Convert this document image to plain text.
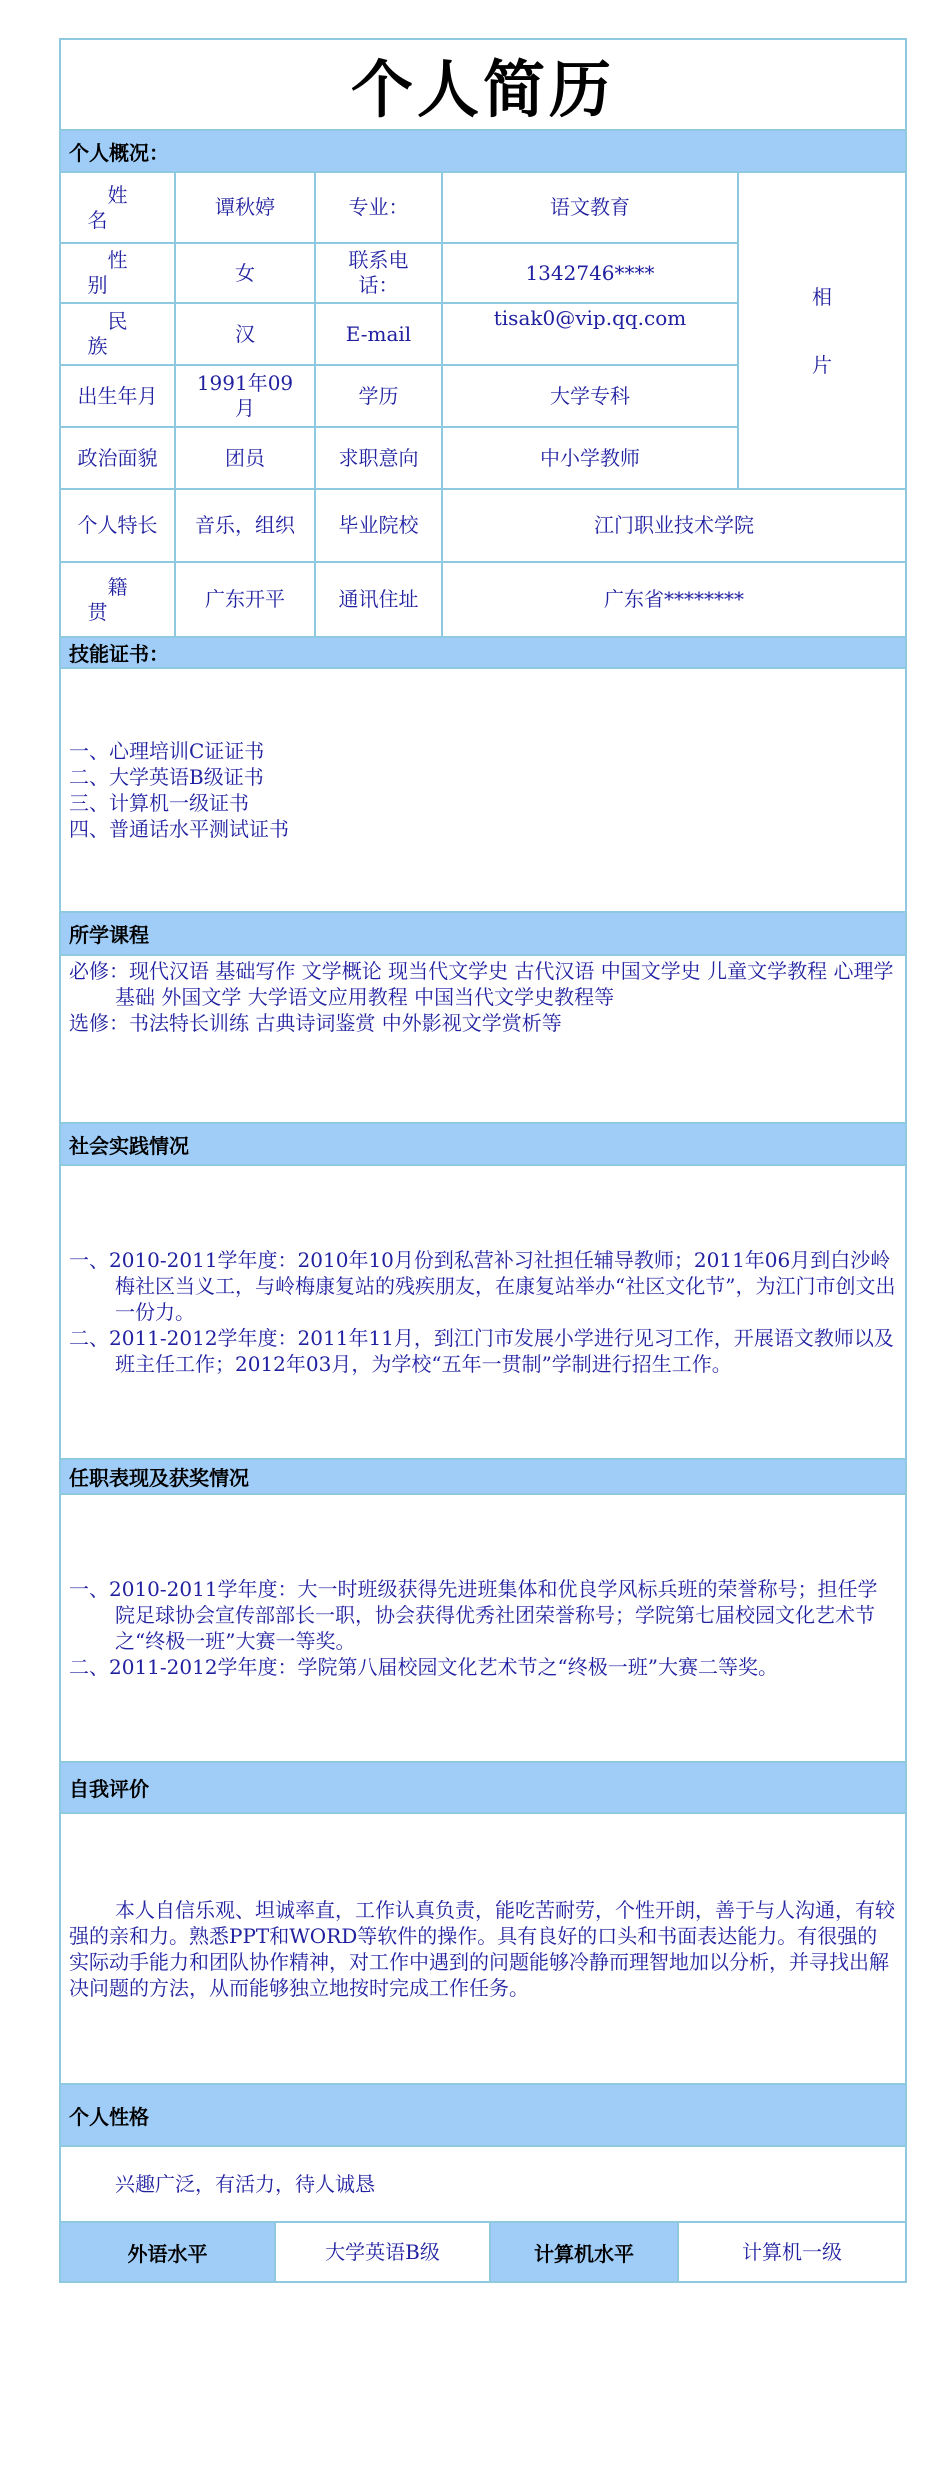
个人简历				
个人概况：				
姓 名	谭秋婷	专业：	语文教育	相
片

性 别	女	联系电话：	1342746****	
民 族	汉	E-mail	tisak0@vip.qq.com	
出生年月	1991年09月	学历	大学专科	
政治面貌	团员	求职意向	中小学教师	
个人特长	音乐，组织	毕业院校	江门职业技术学院	
籍 贯	广东开平	通讯住址	广东省********	
技能证书：				

一、心理培训C证证书
二、大学英语B级证书
三、计算机一级证书
四、普通话水平测试证书				

所学课程				

必修：现代汉语 基础写作 文学概论 现当代文学史 古代汉语 中国文学史 儿童文学教程 心理学基础 外国文学 大学语文应用教程 中国当代文学史教程等
选修：书法特长训练 古典诗词鉴赏 中外影视文学赏析等				

社会实践情况				

一、2010-2011学年度：2010年10月份到私营补习社担任辅导教师；2011年06月到白沙岭梅社区当义工，与岭梅康复站的残疾朋友，在康复站举办“社区文化节”，为江门市创文出一份力。
二、2011-2012学年度：2011年11月，到江门市发展小学进行见习工作，开展语文教师以及班主任工作；2012年03月，为学校“五年一贯制”学制进行招生工作。				

任职表现及获奖情况				

一、2010-2011学年度：大一时班级获得先进班集体和优良学风标兵班的荣誉称号；担任学院足球协会宣传部部长一职，协会获得优秀社团荣誉称号；学院第七届校园文化艺术节之“终极一班”大赛一等奖。
二、2011-2012学年度：学院第八届校园文化艺术节之“终极一班”大赛二等奖。				

自我评价				
本人自信乐观、坦诚率直，工作认真负责，能吃苦耐劳，个性开朗，善于与人沟通，有较强的亲和力。熟悉PPT和WORD等软件的操作。具有良好的口头和书面表达能力。有很强的实际动手能力和团队协作精神，对工作中遇到的问题能够冷静而理智地加以分析，并寻找出解决问题的方法，从而能够独立地按时完成工作任务。				
个人性格				
兴趣广泛，有活力，待人诚恳				
外语水平	大学英语B级	计算机水平	计算机一级
